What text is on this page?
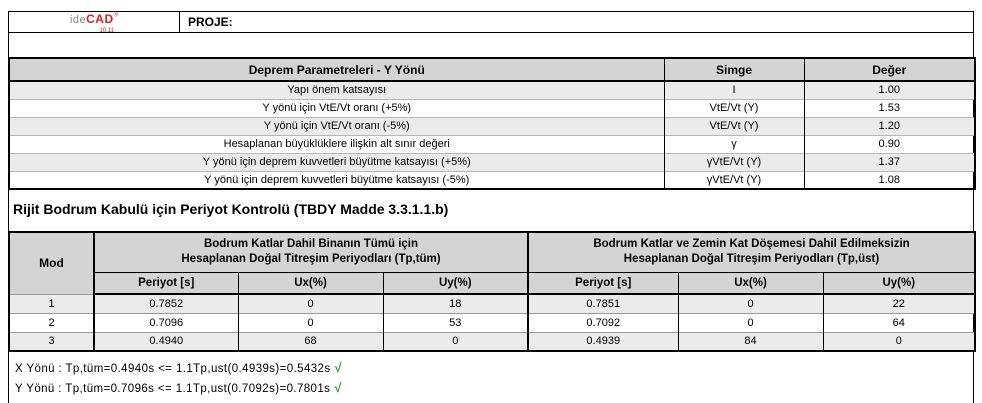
ideCAD®
10.11
PROJE:
Deprem Parametreleri - Y Yönü	Simge	Değer
Yapı önem katsayısı	I	1.00
Y yönü için VtE/Vt oranı (+5%)	VtE/Vt (Y)	1.53
Y yönü için VtE/Vt oranı (-5%)	VtE/Vt (Y)	1.20
Hesaplanan büyüklüklere ilişkin alt sınır değeri	γ	0.90
Y yönü için deprem kuvvetleri büyütme katsayısı (+5%)	γVtE/Vt (Y)	1.37
Y yönü için deprem kuvvetleri büyütme katsayısı (-5%)	γVtE/Vt (Y)	1.08
Rijit Bodrum Kabulü için Periyot Kontrolü (TBDY Madde 3.3.1.1.b)
Mod	
Bodrum Katlar Dahil Binanın Tümü için
Hesaplanan Doğal Titreşim Periyodları (Tp,tüm)

Bodrum Katlar ve Zemin Kat Döşemesi Dahil Edilmeksizin
Hesaplanan Doğal Titreşim Periyodları (Tp,üst)

	Periyot [s]	Ux(%)	Uy(%)	Periyot [s]	Ux(%)	Uy(%)
1	0.7852	0	18	0.7851	0	22
2	0.7096	0	53	0.7092	0	64
3	0.4940	68	0	0.4939	84	0
X Yönü : Tp,tüm=0.4940s <= 1.1Tp,ust(0.4939s)=0.5432s √
Y Yönü : Tp,tüm=0.7096s <= 1.1Tp,ust(0.7092s)=0.7801s √
